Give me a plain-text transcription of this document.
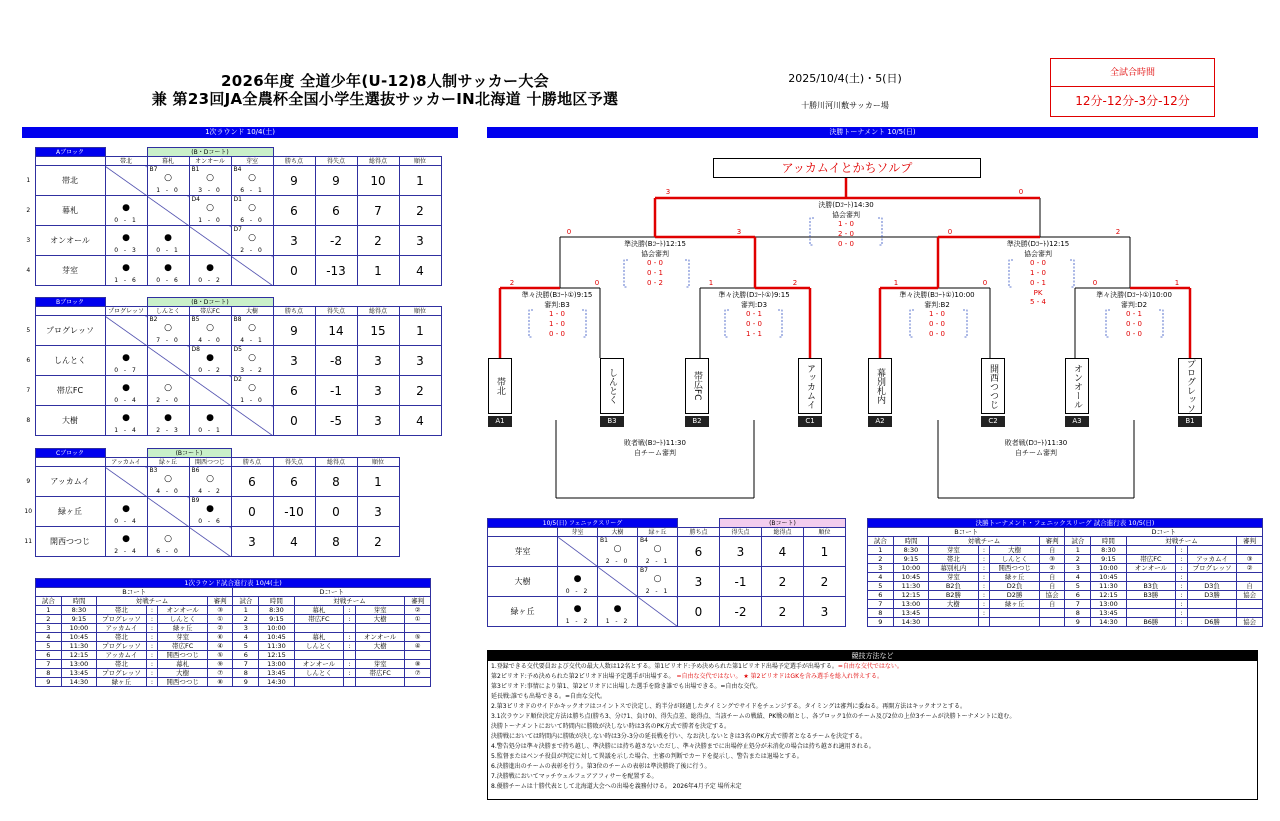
2026年度 全道少年(U-12)8人制サッカー大会
兼 第23回JA全農杯全国小学生選抜サッカーIN北海道 十勝地区予選
2025/10/4(土)・5(日)
十勝川河川敷サッカー場
全試合時間
12分-12分-3分-12分
1次ラウンド 10/4(土)	決勝トーナメント 10/5(日)
	Aブロック		(B・Dコート)						
		帯北	幕札	オンオール	芽室	勝ち点	得失点	総得点	順位
1	帯北		B7
○
1 - 0	B1
○
3 - 0	B4
○
6 - 1	9	9	10	1
2	幕札	●
0 - 1		D4
○
1 - 0	D1
○
6 - 0	6	6	7	2
3	オンオール	●
0 - 3	●
0 - 1		D7
○
2 - 0	3	-2	2	3
4	芽室	●
1 - 6	●
0 - 6	●
0 - 2		0	-13	1	4
	Bブロック		(B・Dコート)						
		プログレッソ	しんとく	帯広FC	大樹	勝ち点	得失点	総得点	順位
5	プログレッソ		B2
○
7 - 0	B5
○
4 - 0	B8
○
4 - 1	9	14	15	1
6	しんとく	●
0 - 7		D8
●
0 - 2	D5
○
3 - 2	3	-8	3	3
7	帯広FC	●
0 - 4	○
2 - 0		D2
○
1 - 0	6	-1	3	2
8	大樹	●
1 - 4	●
2 - 3	●
0 - 1		0	-5	3	4
	Cブロック		(Bコート)					
		アッカムイ	緑ヶ丘	開西つつじ	勝ち点	得失点	総得点	順位
9	アッカムイ		B3
○
4 - 0	B6
○
4 - 2	6	6	8	1
10	緑ヶ丘	●
0 - 4		B9
●
0 - 6	0	-10	0	3
11	開西つつじ	●
2 - 4	○
6 - 0		3	4	8	2
10/5(日) フェニックスリーグ					(Bコート)		
	芽室	大樹	緑ヶ丘	勝ち点	得失点	総得点	順位
芽室		B1
○
2 - 0	B4
○
2 - 1	6	3	4	1
大樹	●
0 - 2		B7
○
2 - 1	3	-1	2	2
緑ヶ丘	●
1 - 2	●
1 - 2		0	-2	2	3
1次ラウンド試合進行表 10/4(土)											
Bコート						Dコート					
試合	時間	対戦チーム			審判	試合	時間	対戦チーム			審判
1	8:30	帯北	:	オンオール	③	1	8:30	幕札	:	芽室	②
2	9:15	プログレッソ	:	しんとく	①	2	9:15	帯広FC	:	大樹	①
3	10:00	アッカムイ	:	緑ヶ丘	②	3	10:00				
4	10:45	帯北	:	芽室	⑥	4	10:45	幕札	:	オンオール	⑤
5	11:30	プログレッソ	:	帯広FC	④	5	11:30	しんとく	:	大樹	④
6	12:15	アッカムイ	:	開西つつじ	⑤	6	12:15				
7	13:00	帯北	:	幕札	⑨	7	13:00	オンオール	:	芽室	⑧
8	13:45	プログレッソ	:	大樹	⑦	8	13:45	しんとく	:	帯広FC	⑦
9	14:30	緑ヶ丘	:	開西つつじ	⑧	9	14:30				
決勝トーナメント・フェニックスリーグ 試合進行表 10/5(日)											
Bコート						Dコート					
試合	時間	対戦チーム			審判	試合	時間	対戦チーム			審判
1	8:30	芽室	:	大樹	自	1	8:30		:		
2	9:15	帯北	:	しんとく	③	2	9:15	帯広FC	:	アッカムイ	③
3	10:00	幕別札内	:	開西つつじ	②	3	10:00	オンオール	:	プログレッソ	②
4	10:45	芽室	:	緑ヶ丘	自	4	10:45		:		
5	11:30	B2負	:	D2負	自	5	11:30	B3負	:	D3負	自
6	12:15	B2勝	:	D2勝	協会	6	12:15	B3勝	:	D3勝	協会
7	13:00	大樹	:	緑ヶ丘	自	7	13:00		:		
8	13:45		:			8	13:45		:		
9	14:30					9	14:30	B6勝	:	D6勝	協会
アッカムイとかちソルプ
帯北
A1
しんとく
B3
帯広FC
B2
アッカムイ
C1
幕別札内
A2
開西つつじ
C2
オンオール
A3
プログレッソ
B1
決勝(Dｺｰﾄ)14:30
協会審判
1 - 0
2 - 0
0 - 0
準決勝(Bｺｰﾄ)12:15
協会審判
0 - 0
0 - 1
0 - 2
準決勝(Dｺｰﾄ)12:15
協会審判
0 - 0
1 - 0
0 - 1
PK
5 - 4
準々決勝(Bｺｰﾄ①)9:15
審判:B3
1 - 0
1 - 0
0 - 0
準々決勝(Dｺｰﾄ①)9:15
審判:D3
0 - 1
0 - 0
1 - 1
準々決勝(Bｺｰﾄ①)10:00
審判:B2
1 - 0
0 - 0
0 - 0
準々決勝(Dｺｰﾄ①)10:00
審判:D2
0 - 1
0 - 0
0 - 0
敗者戦(Bｺｰﾄ)11:30
自チーム審判
敗者戦(Dｺｰﾄ)11:30
自チーム審判
3	0
0	3	0	2
2	0	1	2	1	0	0	1
競技方法など
1.登録できる交代要員および交代の最大人数は12名とする。第1ピリオド:予め決められた第1ピリオド出場予定選手が出場する。=自由な交代ではない。
第2ピリオド:予め決められた第2ピリオド出場予定選手が出場する。 =自由な交代ではない。 ★ 第2ピリオドはGKを含み選手を総入れ替えする。
第3ピリオド:事情により第1、第2ピリオドに出場した選手を除き誰でも出場できる。=自由な交代。
延長戦:誰でも出場できる。=自由な交代。
2.第3ピリオドのサイドかキックオフはコイントスで決定し、約半分が経過したタイミングでサイドをチェンジする。タイミングは審判に委ねる。再開方法はキックオフとする。
3.1次ラウンド順位決定方法は勝ち点(勝ち3、分け1、負け0)、得失点差、総得点、当該チームの戦績、PK戦の順とし、各ブロック1位のチーム及び2位の上位3チームが決勝トーナメントに進む。
決勝トーナメントにおいて時間内に勝敗が決しない時は3名のPK方式で勝者を決定する。
決勝戦においては時間内に勝敗が決しない時は3分-3分の延長戦を行い、なお決しないときは3名のPK方式で勝者となるチームを決定する。
4.警告処分は準々決勝まで持ち越し、準決勝には持ち越さないただし、準々決勝までに出場停止処分が未消化の場合は持ち越され適用される。
5.監督またはベンチ役員が判定に対して異議を示した場合、主審の判断でカードを提示し、警告または退場とする。
6.決勝進出のチームの表彰を行う。第3位のチームの表彰は準決勝終了後に行う。
7.決勝戦においてマッチウェルフェアアフィサーを配置する。
8.優勝チームは十勝代表として北海道大会への出場を義務付ける。 2026年4月予定 場所未定
